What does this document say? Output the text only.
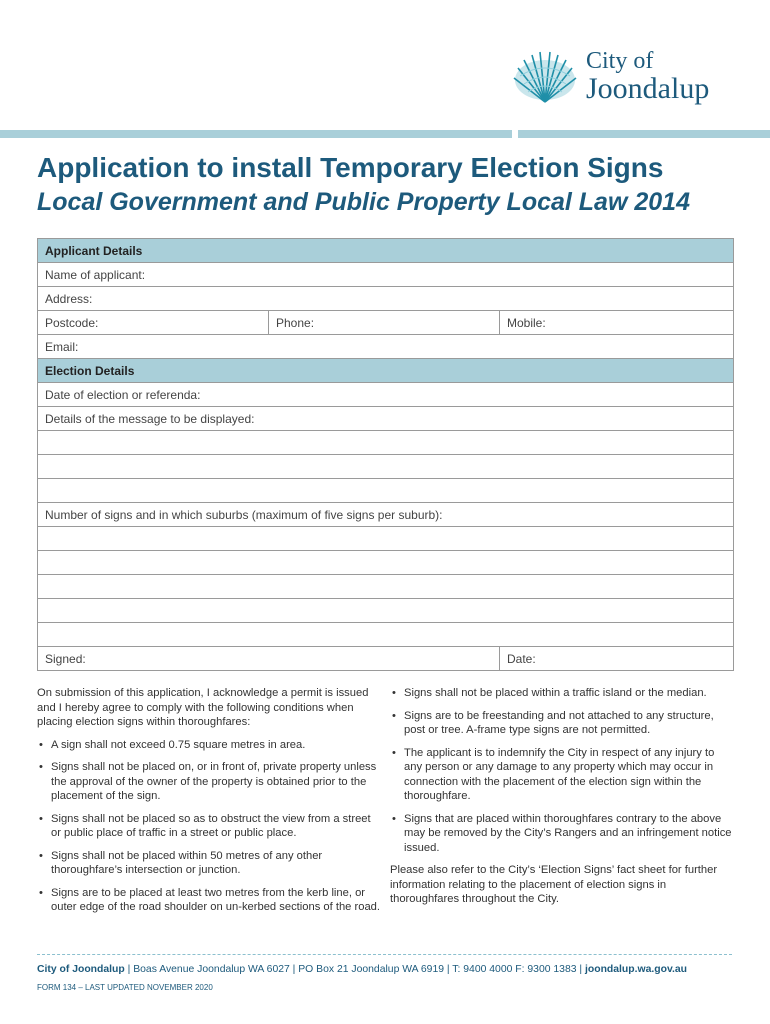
City of
Joondalup
Application to install Temporary Election Signs
Local Government and Public Property Local Law 2014
Applicant Details
Name of applicant:
Address:
Postcode:	Phone:	Mobile:
Email:
Election Details
Date of election or referenda:
Details of the message to be displayed:
Number of signs and in which suburbs (maximum of five signs per suburb):
Signed:	Date:

On submission of this application, I acknowledge a permit is issued and I hereby agree to comply with the following conditions when placing election signs within thoroughfares:

• A sign shall not exceed 0.75 square metres in area.
• Signs shall not be placed on, or in front of, private property unless the approval of the owner of the property is obtained prior to the placement of the sign.
• Signs shall not be placed so as to obstruct the view from a street or public place of traffic in a street or public place.
• Signs shall not be placed within 50 metres of any other thoroughfare’s intersection or junction.
• Signs are to be placed at least two metres from the kerb line, or outer edge of the road shoulder on un-kerbed sections of the road.
• Signs shall not be placed within a traffic island or the median.
• Signs are to be freestanding and not attached to any structure, post or tree. A-frame type signs are not permitted.
• The applicant is to indemnify the City in respect of any injury to any person or any damage to any property which may occur in connection with the placement of the election sign within the thoroughfare.
• Signs that are placed within thoroughfares contrary to the above may be removed by the City’s Rangers and an infringement notice issued.

Please also refer to the City’s ‘Election Signs’ fact sheet for further information relating to the placement of election signs in thoroughfares throughout the City.

City of Joondalup | Boas Avenue Joondalup WA 6027 | PO Box 21 Joondalup WA 6919 | T: 9400 4000 F: 9300 1383 | joondalup.wa.gov.au
FORM 134 – LAST UPDATED NOVEMBER 2020
